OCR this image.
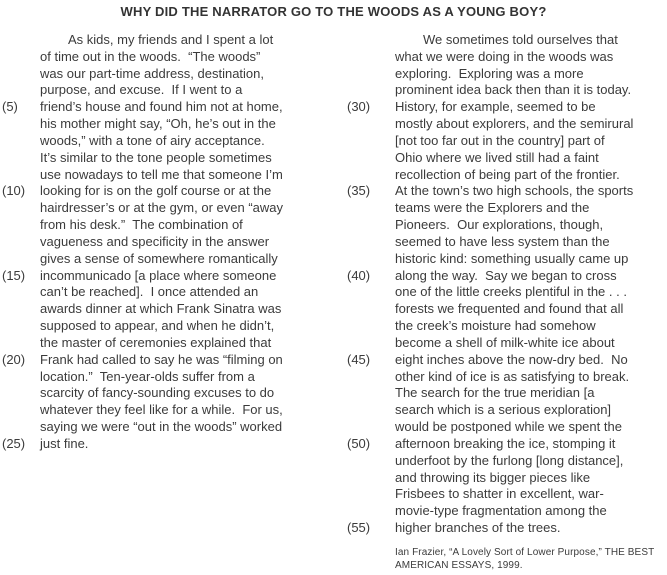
WHY DID THE NARRATOR GO TO THE WOODS AS A YOUNG BOY?
As kids, my friends and I spent a lot
of time out in the woods.  “The woods”
was our part-time address, destination,
purpose, and excuse.  If I went to a
(5)	friend’s house and found him not at home,
his mother might say, “Oh, he’s out in the
woods,” with a tone of airy acceptance.
It’s similar to the tone people sometimes
use nowadays to tell me that someone I’m
(10)	looking for is on the golf course or at the
hairdresser’s or at the gym, or even “away
from his desk.”  The combination of
vagueness and specificity in the answer
gives a sense of somewhere romantically
(15)	incommunicado [a place where someone
can’t be reached].  I once attended an
awards dinner at which Frank Sinatra was
supposed to appear, and when he didn’t,
the master of ceremonies explained that
(20)	Frank had called to say he was “filming on
location.”  Ten-year-olds suffer from a
scarcity of fancy-sounding excuses to do
whatever they feel like for a while.  For us,
saying we were “out in the woods” worked
(25)	just fine.
We sometimes told ourselves that
what we were doing in the woods was
exploring.  Exploring was a more
prominent idea back then than it is today.
(30)	History, for example, seemed to be
mostly about explorers, and the semirural
[not too far out in the country] part of
Ohio where we lived still had a faint
recollection of being part of the frontier.
(35)	At the town’s two high schools, the sports
teams were the Explorers and the
Pioneers.  Our explorations, though,
seemed to have less system than the
historic kind: something usually came up
(40)	along the way.  Say we began to cross
one of the little creeks plentiful in the . . .
forests we frequented and found that all
the creek’s moisture had somehow
become a shell of milk-white ice about
(45)	eight inches above the now-dry bed.  No
other kind of ice is as satisfying to break.
The search for the true meridian [a
search which is a serious exploration]
would be postponed while we spent the
(50)	afternoon breaking the ice, stomping it
underfoot by the furlong [long distance],
and throwing its bigger pieces like
Frisbees to shatter in excellent, war-
movie-type fragmentation among the
(55)	higher branches of the trees.
Ian Frazier, “A Lovely Sort of Lower Purpose,” THE BEST AMERICAN ESSAYS, 1999.
